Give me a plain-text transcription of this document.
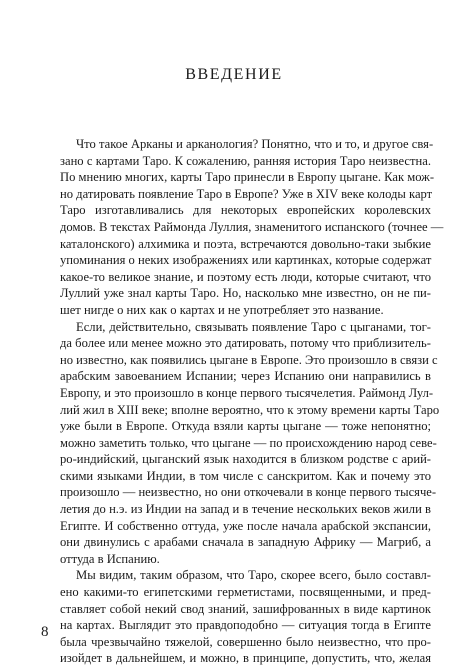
ВВЕДЕНИЕ
Что такое Арканы и арканология? Понятно, что и то, и другое свя-
зано с картами Таро. К сожалению, ранняя история Таро неизвестна.
По мнению многих, карты Таро принесли в Европу цыгане. Как мож-
но датировать появление Таро в Европе? Уже в XIV веке колоды карт
Таро изготавливались для некоторых европейских королевских
домов. В текстах Раймонда Луллия, знаменитого испанского (точнее —
каталонского) алхимика и поэта, встречаются довольно-таки зыбкие
упоминания о неких изображениях или картинках, которые содержат
какое-то великое знание, и поэтому есть люди, которые считают, что
Луллий уже знал карты Таро. Но, насколько мне известно, он не пи-
шет нигде о них как о картах и не употребляет это название.
Если, действительно, связывать появление Таро с цыганами, тог-
да более или менее можно это датировать, потому что приблизитель-
но известно, как появились цыгане в Европе. Это произошло в связи с
арабским завоеванием Испании; через Испанию они направились в
Европу, и это произошло в конце первого тысячелетия. Раймонд Лул-
лий жил в XIII веке; вполне вероятно, что к этому времени карты Таро
уже были в Европе. Откуда взяли карты цыгане — тоже непонятно;
можно заметить только, что цыгане — по происхождению народ севе-
ро-индийский, цыганский язык находится в близком родстве с арий-
скими языками Индии, в том числе с санскритом. Как и почему это
произошло — неизвестно, но они откочевали в конце первого тысяче-
летия до н.э. из Индии на запад и в течение нескольких веков жили в
Египте. И собственно оттуда, уже после начала арабской экспансии,
они двинулись с арабами сначала в западную Африку — Магриб, а
оттуда в Испанию.
Мы видим, таким образом, что Таро, скорее всего, было составл-
ено какими-то египетскими герметистами, посвященными, и пред-
ставляет собой некий свод знаний, зашифрованных в виде картинок
на картах. Выглядит это правдоподобно — ситуация тогда в Египте
была чрезвычайно тяжелой, совершенно было неизвестно, что про-
изойдет в дальнейшем, и можно, в принципе, допустить, что, желая
8
